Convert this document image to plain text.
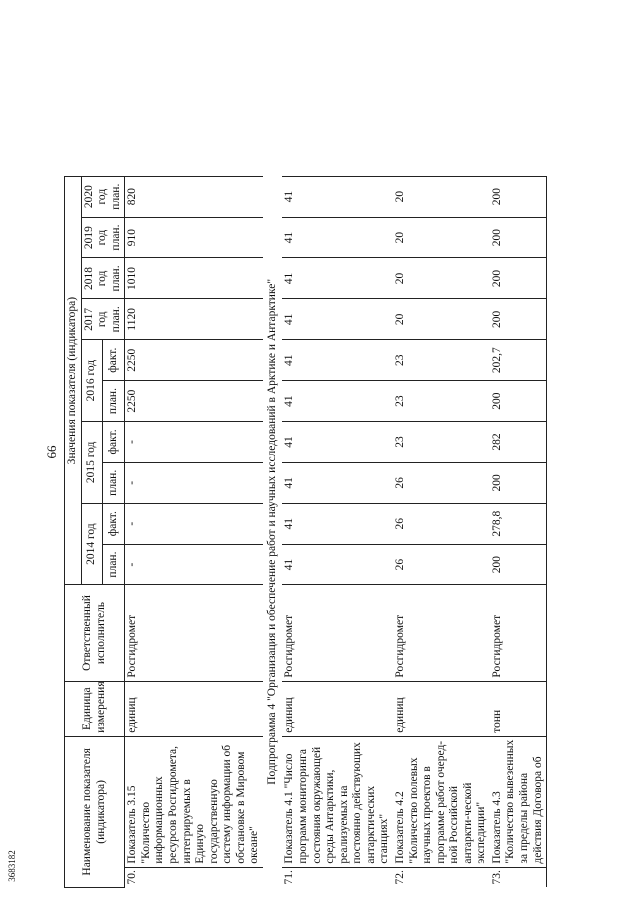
66
3683182	Наименование показателя (индикатора)		Единица измерения	Ответственный исполнитель	Значения показателя (индикатора)									
				2014 год		2015 год		2016 год		2017 год план.	2018 год план.	2019 год план.	2020 год план.
				план.	факт.	план.	факт.	план.	факт.				
70.	Показатель 3.15 "Количество информационных ресурсов Росгидромета, интегрируемых в Единую государственную систему информации об обстановке в Мировом океане"	единиц	Росгидромет	-	-	-	-	2250	2250	1120	1010	910	820
Подпрограмма 4 "Организация и обеспечение работ и научных исследований в Арктике и Антарктике"													
71.	Показатель 4.1 "Число программ мониторинга состояния окружающей среды Антарктики, реализуемых на постоянно действующих антарктических станциях"	единиц	Росгидромет	41	41	41	41	41	41	41	41	41	41
72.	Показатель 4.2 "Количество полевых научных проектов в программе работ очеред-ной Российской антаркти-ческой экспедиции"	единиц	Росгидромет	26	26	26	23	23	23	20	20	20	20
73.	Показатель 4.3 "Количество вывезенных за пределы района действия Договора об	тонн	Росгидромет	200	278,8	200	282	200	202,7	200	200	200	200
